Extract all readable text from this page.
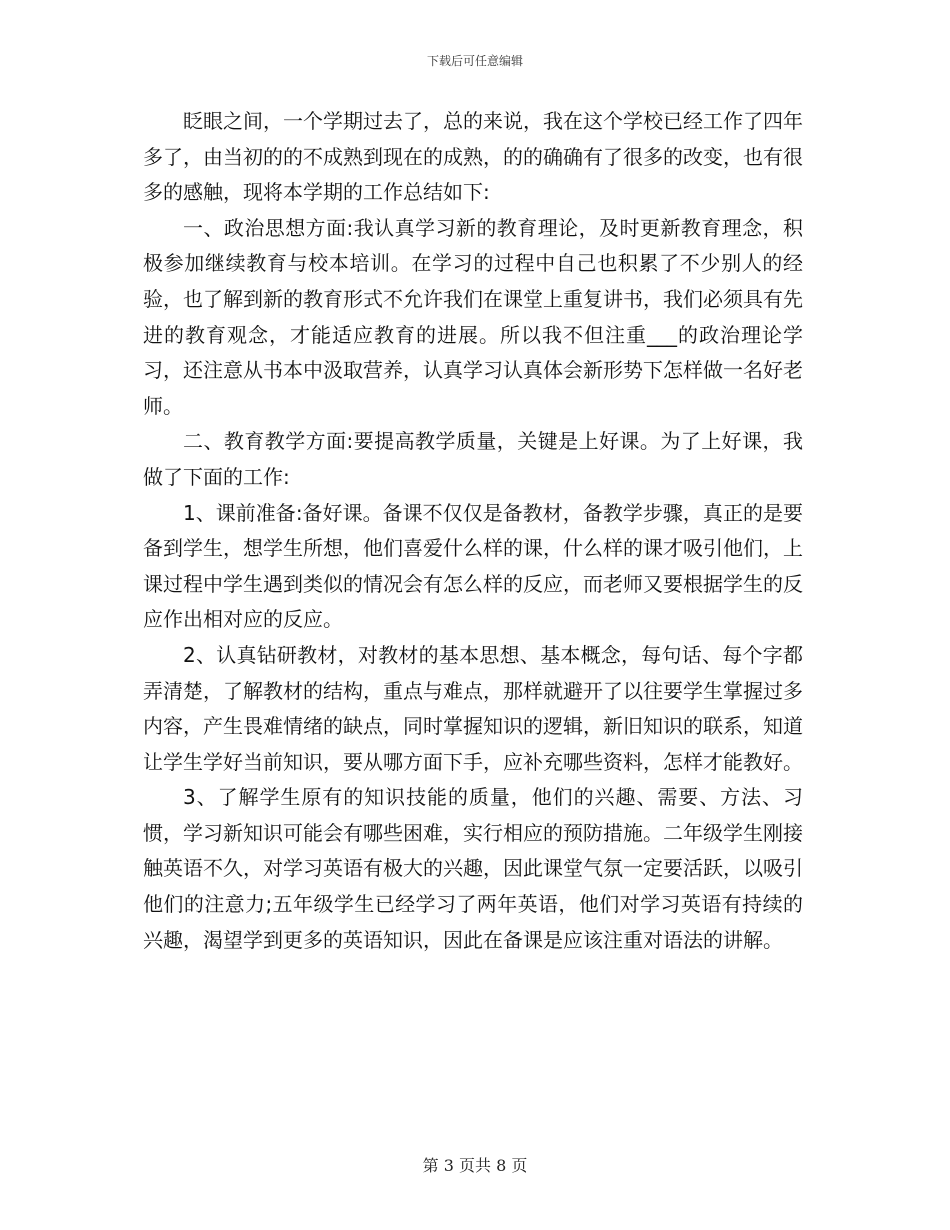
下载后可任意编辑

眨眼之间，一个学期过去了，总的来说，我在这个学校已经工作了四年多了，由当初的的不成熟到现在的成熟，的的确确有了很多的改变，也有很多的感触，现将本学期的工作总结如下:

一、政治思想方面:我认真学习新的教育理论，及时更新教育理念，积极参加继续教育与校本培训。在学习的过程中自己也积累了不少别人的经验，也了解到新的教育形式不允许我们在课堂上重复讲书，我们必须具有先进的教育观念，才能适应教育的进展。所以我不但注重___的政治理论学习，还注意从书本中汲取营养，认真学习认真体会新形势下怎样做一名好老师。

二、教育教学方面:要提高教学质量，关键是上好课。为了上好课，我做了下面的工作:

1、课前准备:备好课。备课不仅仅是备教材，备教学步骤，真正的是要备到学生，想学生所想，他们喜爱什么样的课，什么样的课才吸引他们，上课过程中学生遇到类似的情况会有怎么样的反应，而老师又要根据学生的反应作出相对应的反应。

2、认真钻研教材，对教材的基本思想、基本概念，每句话、每个字都弄清楚，了解教材的结构，重点与难点，那样就避开了以往要学生掌握过多内容，产生畏难情绪的缺点，同时掌握知识的逻辑，新旧知识的联系，知道让学生学好当前知识，要从哪方面下手，应补充哪些资料，怎样才能教好。

3、了解学生原有的知识技能的质量，他们的兴趣、需要、方法、习惯，学习新知识可能会有哪些困难，实行相应的预防措施。二年级学生刚接触英语不久，对学习英语有极大的兴趣，因此课堂气氛一定要活跃，以吸引他们的注意力;五年级学生已经学习了两年英语，他们对学习英语有持续的兴趣，渴望学到更多的英语知识，因此在备课是应该注重对语法的讲解。

第 3 页共 8 页
